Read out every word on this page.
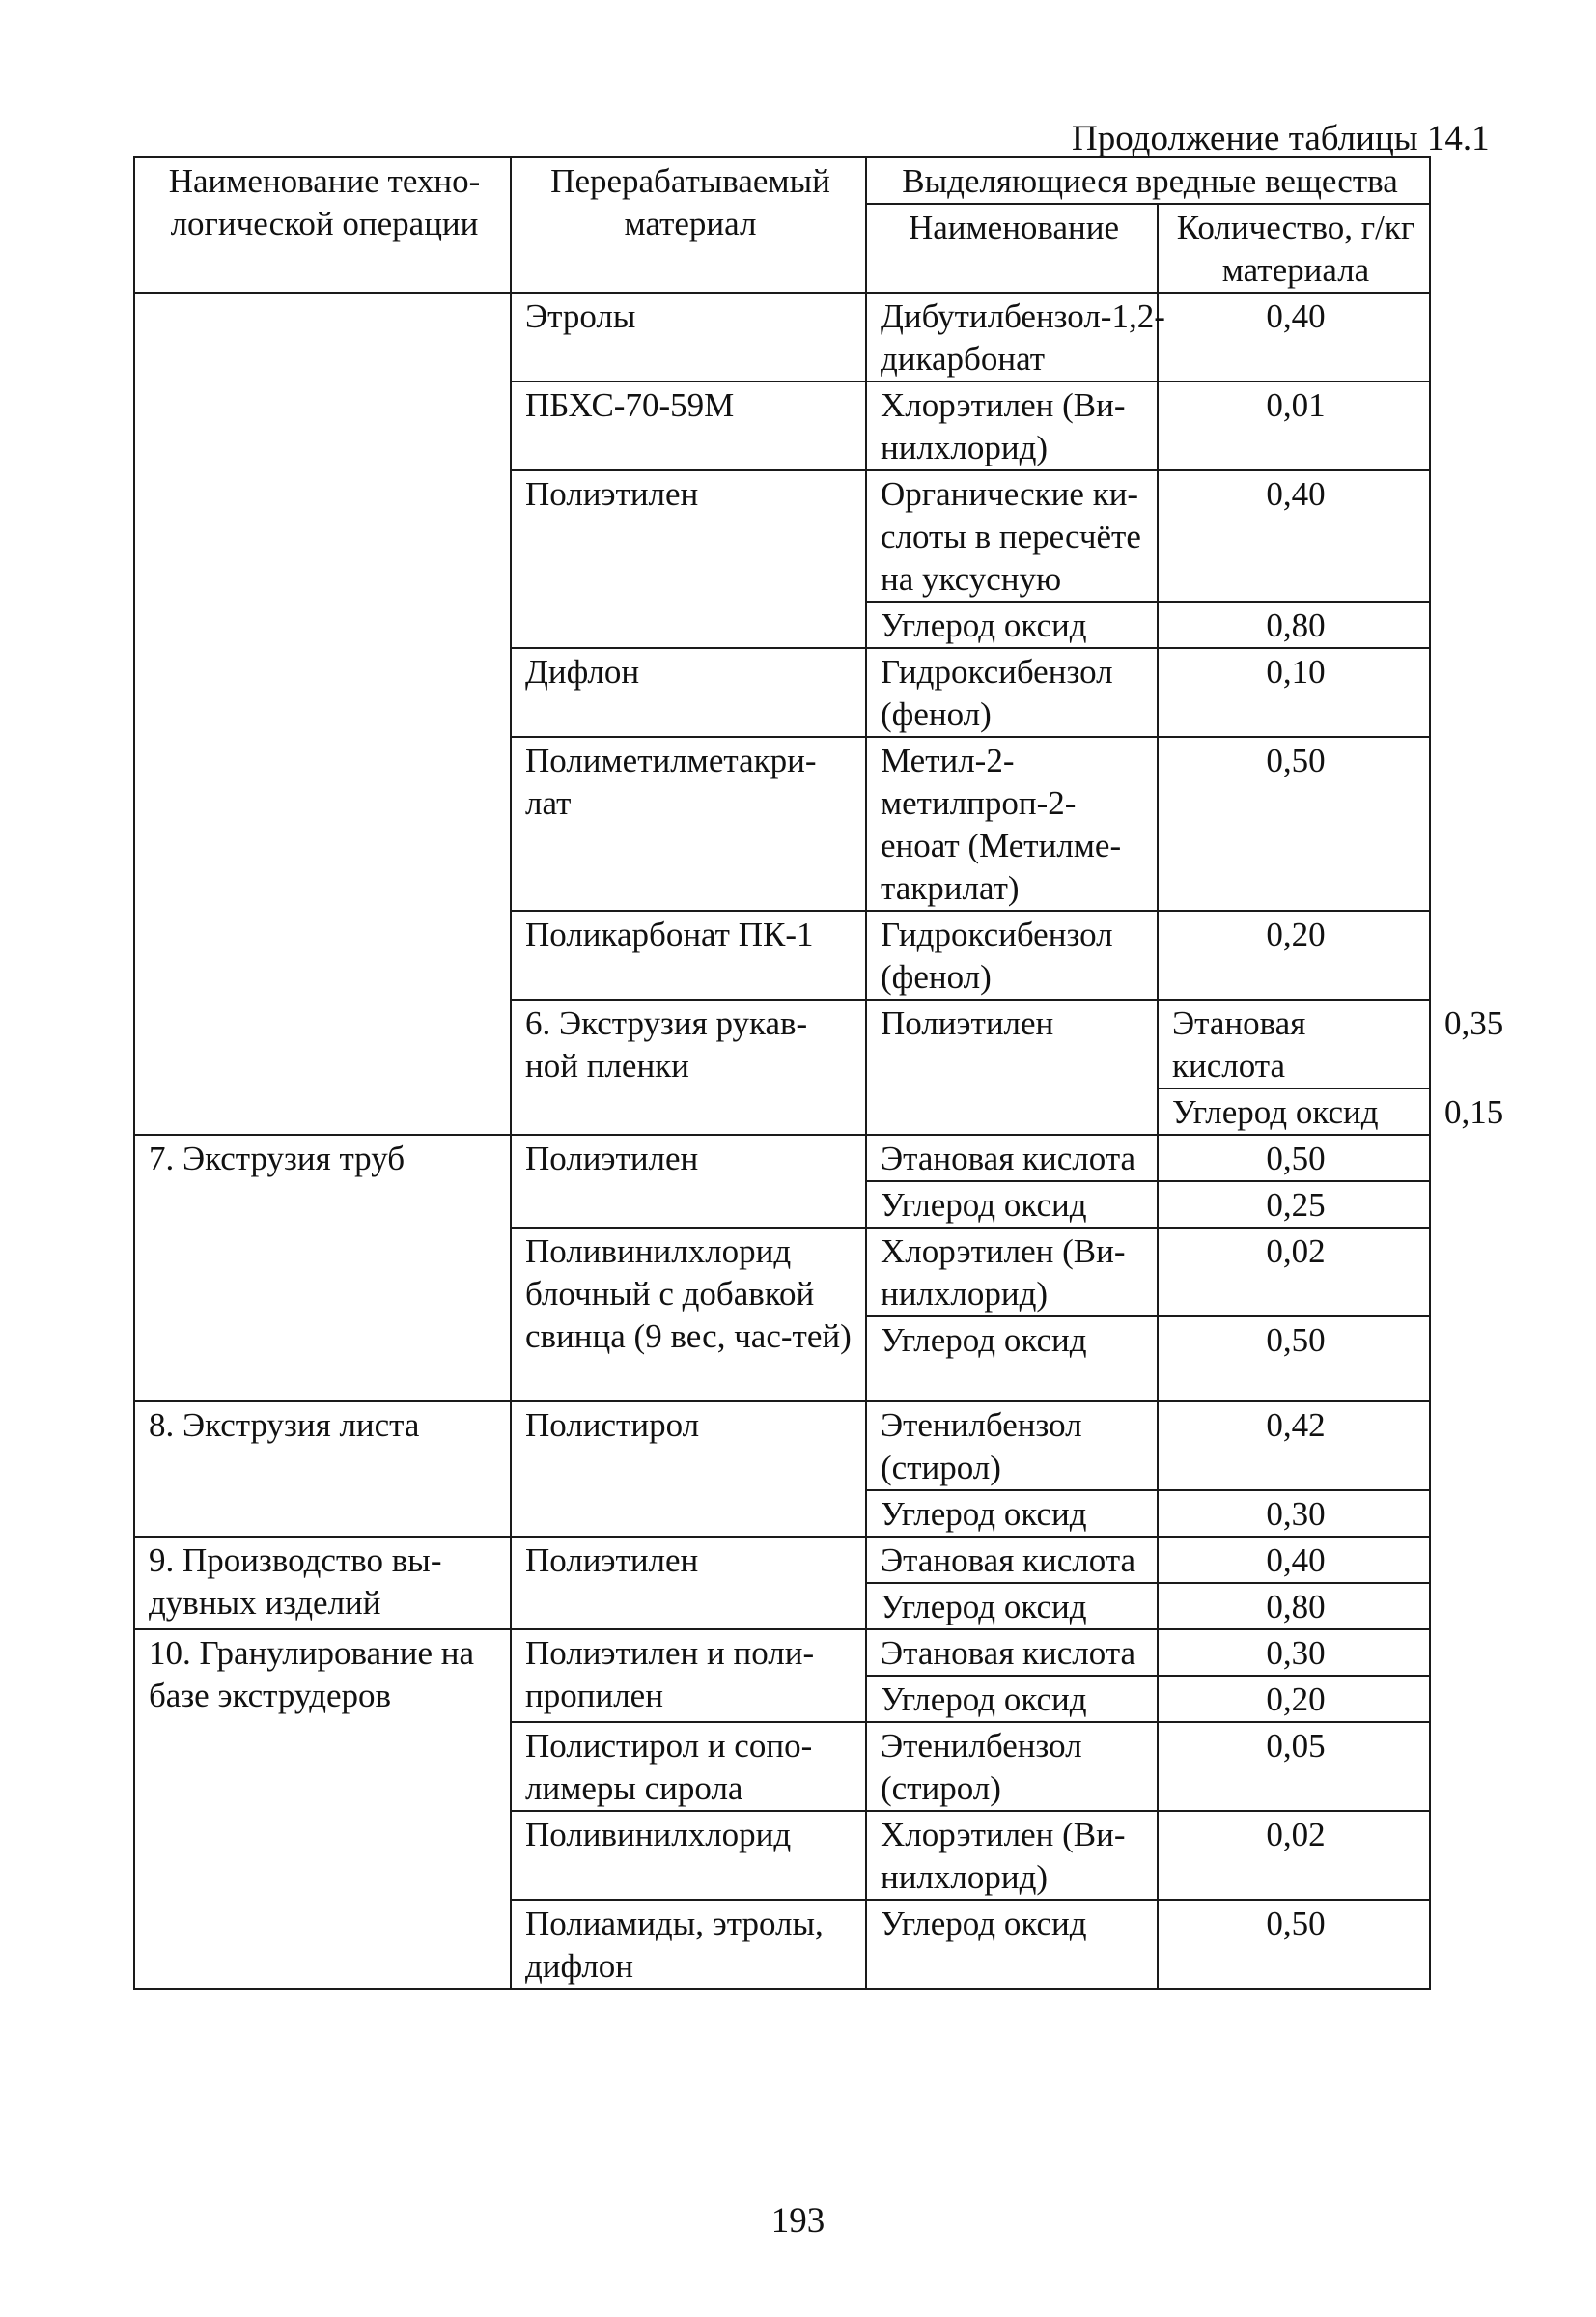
Продолжение таблицы 14.1
Наименование техно-логической операции	Перерабатываемый материал	Выделяющиеся вредные вещества		
		Наименование	Количество, г/кг материала	
	Этролы	Дибутилбензол-1,2-дикарбонат	0,40	
	ПБХС-70-59М	Хлорэтилен (Ви-нилхлорид)	0,01	
	Полиэтилен	Органические ки-слоты в пересчёте на уксусную	0,40	
		Углерод оксид	0,80	
	Дифлон	Гидроксибензол (фенол)	0,10	
	Полиметилметакри-лат	Метил-2-метилпроп-2-еноат (Метилме-такрилат)	0,50	
	Поликарбонат ПК-1	Гидроксибензол (фенол)	0,20	
	6. Экструзия рукав-ной пленки	Полиэтилен	Этановая кислота	0,35
			Углерод оксид	0,15
7. Экструзия труб	Полиэтилен	Этановая кислота	0,50	
		Углерод оксид	0,25	
	Поливинилхлорид блочный с добавкой свинца (9 вес, час-тей)	Хлорэтилен (Ви-нилхлорид)	0,02	
		Углерод оксид	0,50	
8. Экструзия листа	Полистирол	Этенилбензол (стирол)	0,42	
		Углерод оксид	0,30	
9. Производство вы-дувных изделий	Полиэтилен	Этановая кислота	0,40	
		Углерод оксид	0,80	
10. Гранулирование на базе экструдеров	Полиэтилен и поли-пропилен	Этановая кислота	0,30	
		Углерод оксид	0,20	
	Полистирол и сопо-лимеры сирола	Этенилбензол (стирол)	0,05	
	Поливинилхлорид	Хлорэтилен (Ви-нилхлорид)	0,02	
	Полиамиды, этролы, дифлон	Углерод оксид	0,50	
193
